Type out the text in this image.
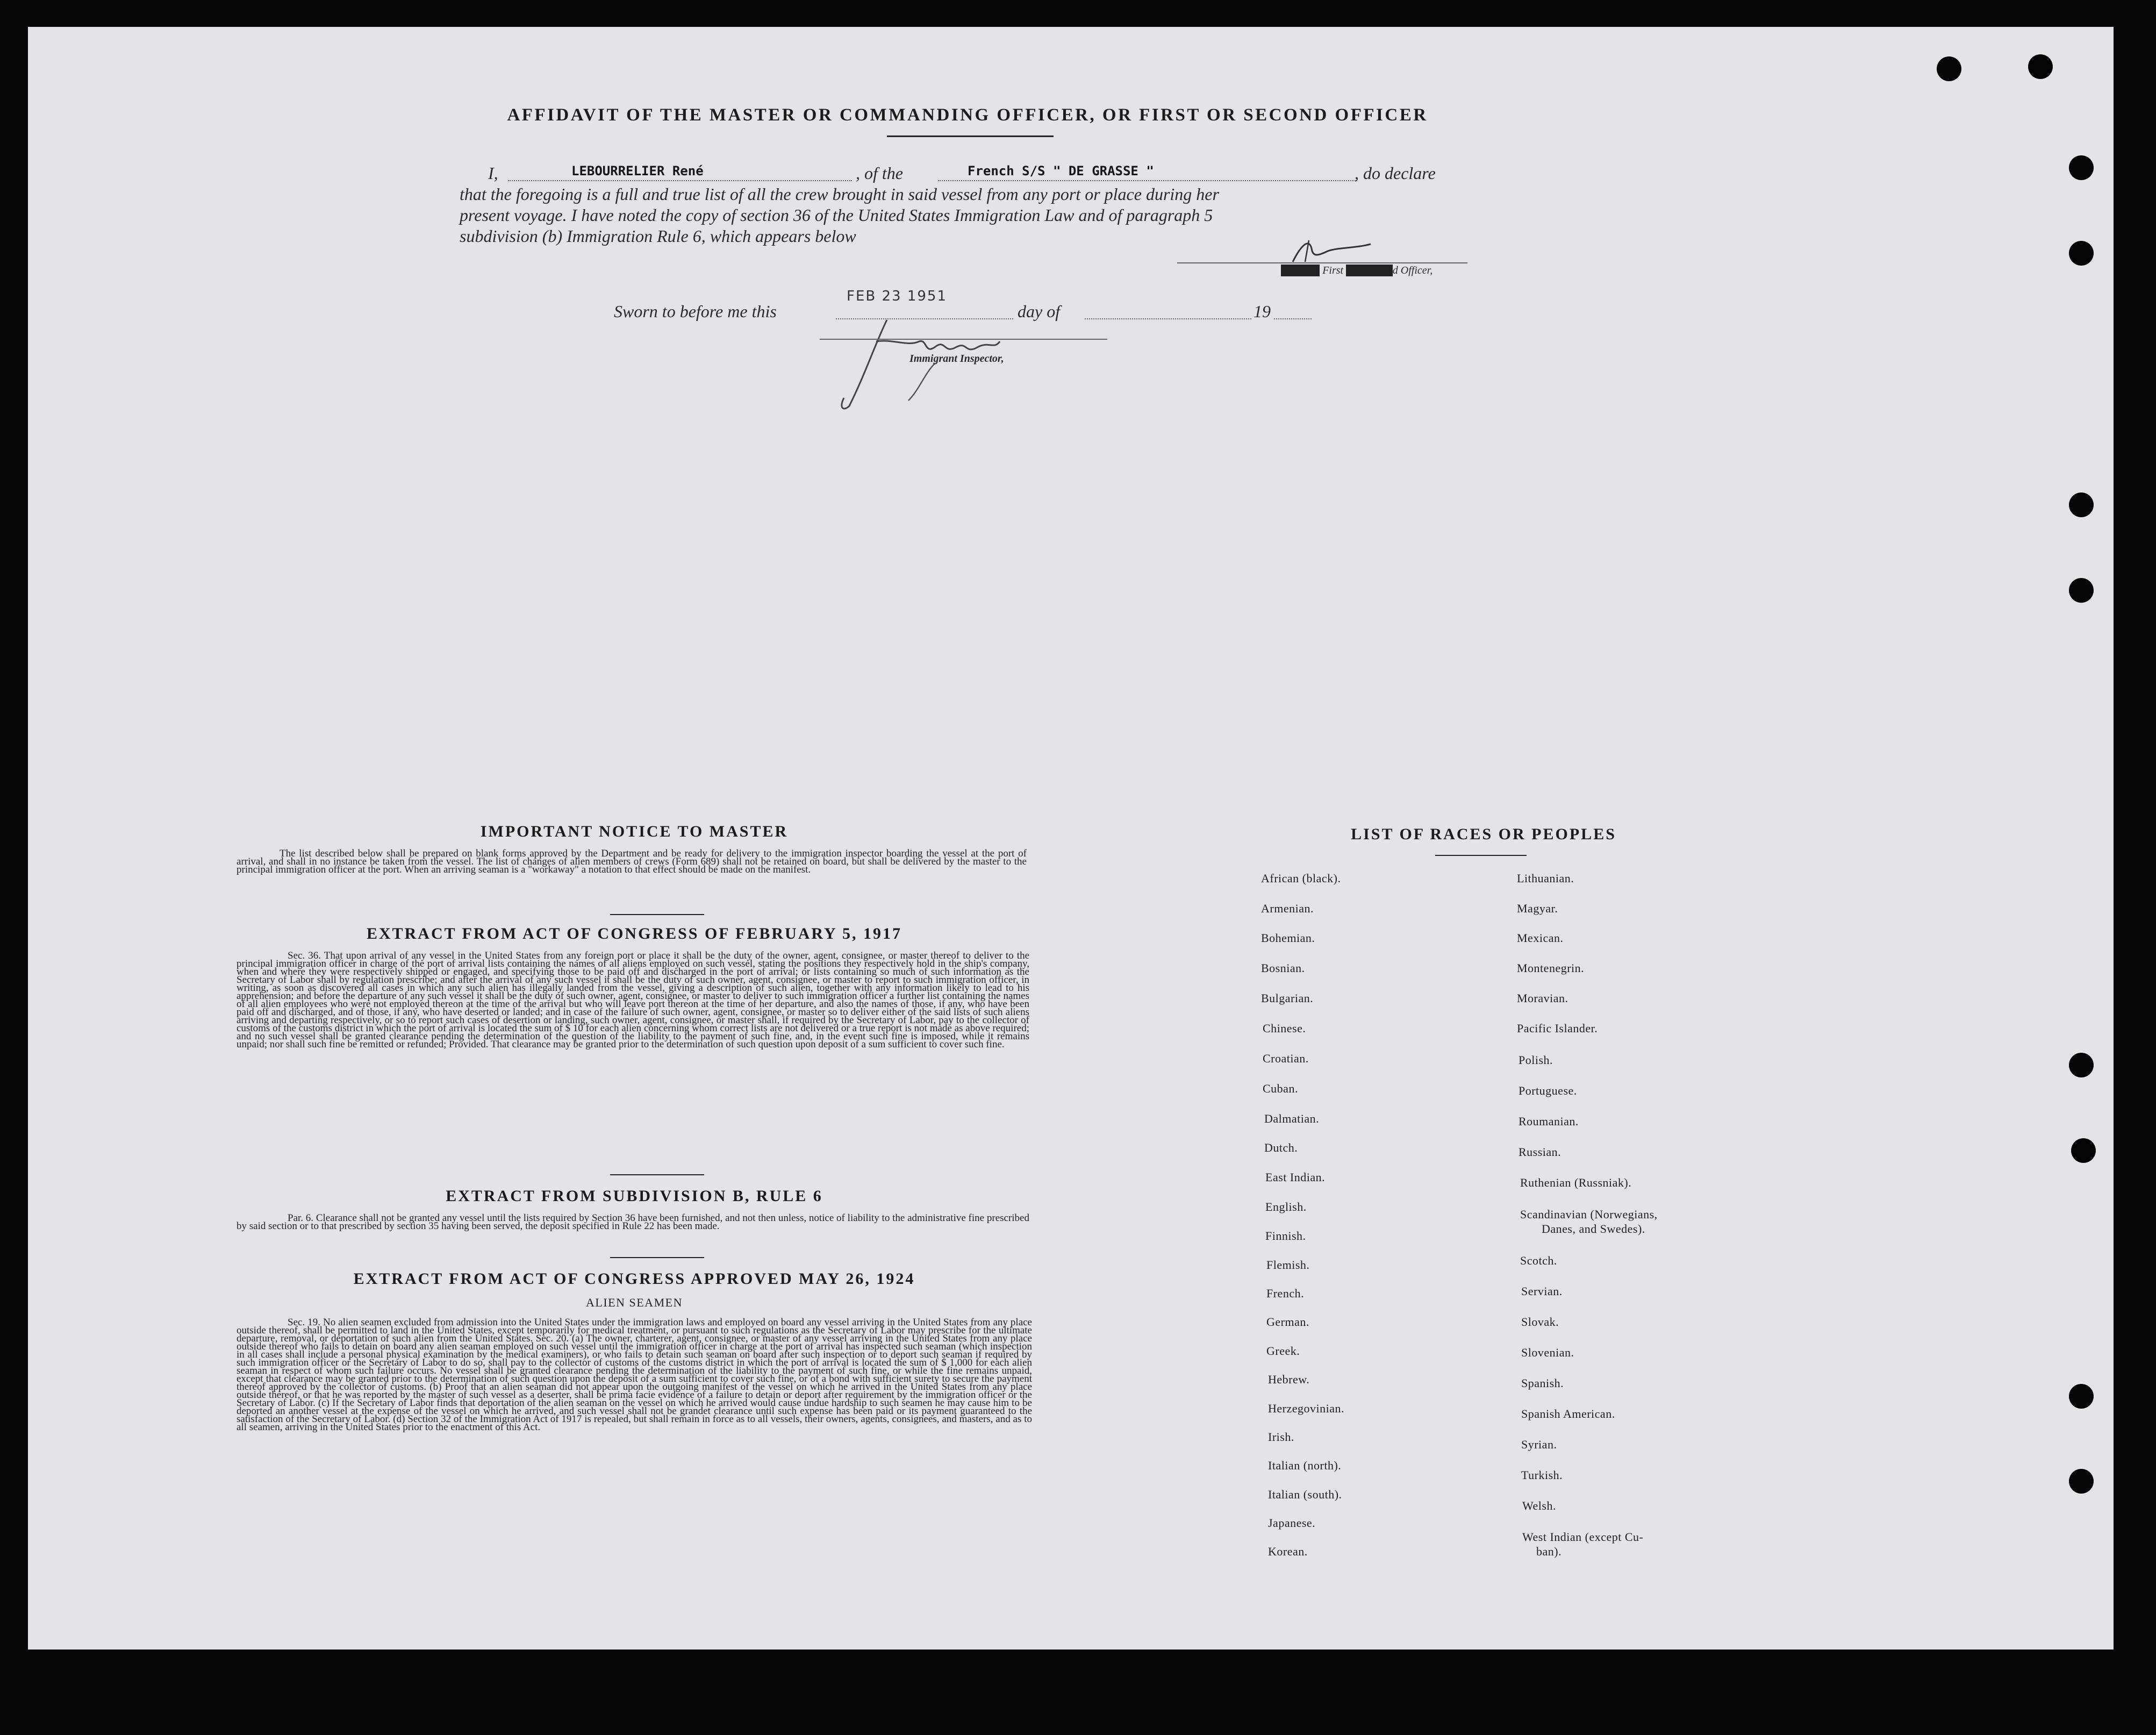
AFFIDAVIT OF THE MASTER OR COMMANDING OFFICER, OR FIRST OR SECOND OFFICER
I,	LEBOURRELIER René	, of the	French S/S " DE GRASSE "	, do declare
that the foregoing is a full and true list of all the crew brought in said vessel from any port or place during her
present voyage. I have noted the copy of section 36 of the United States Immigration Law and of paragraph 5
subdivision (b) Immigration Rule 6, which appears below
XXXXX First XXXXXXd Officer,
Sworn to before me this
FEB 23 1951
day of	19
Immigrant Inspector,
IMPORTANT NOTICE TO MASTER
The list described below shall be prepared on blank forms approved by the Department and be ready for delivery to the immigration inspector boarding the vessel at the port of arrival, and shall in no instance be taken from the vessel. The list of changes of alien members of crews (Form 689) shall not be retained on board, but shall be delivered by the master to the principal immigration officer at the port. When an arriving seaman is a "workaway" a notation to that effect should be made on the manifest.
EXTRACT FROM ACT OF CONGRESS OF FEBRUARY 5, 1917
Sec. 36. That upon arrival of any vessel in the United States from any foreign port or place it shall be the duty of the owner, agent, consignee, or master thereof to deliver to the principal immigration officer in charge of the port of arrival lists containing the names of all aliens employed on such vessel, stating the positions they respectively hold in the ship's company, when and where they were respectively shipped or engaged, and specifying those to be paid off and discharged in the port of arrival; or lists containing so much of such information as the Secretary of Labor shall by regulation prescribe; and after the arrival of any such vessel it shall be the duty of such owner, agent, consignee, or master to report to such immigration officer, in writing, as soon as discovered all cases in which any such alien has illegally landed from the vessel, giving a description of such alien, together with any information likely to lead to his apprehension; and before the departure of any such vessel it shall be the duty of such owner, agent, consignee, or master to deliver to such immigration officer a further list containing the names of all alien employees who were not employed thereon at the time of the arrival but who will leave port thereon at the time of her departure, and also the names of those, if any, who have been paid off and discharged, and of those, if any, who have deserted or landed; and in case of the failure of such owner, agent, consignee, or master so to deliver either of the said lists of such aliens arriving and departing respectively, or so to report such cases of desertion or landing, such owner, agent, consignee, or master shall, if required by the Secretary of Labor, pay to the collector of customs of the customs district in which the port of arrival is located the sum of $ 10 for each alien concerning whom correct lists are not delivered or a true report is not made as above required; and no such vessel shall be granted clearance pending the determination of the question of the liability to the payment of such fine, and, in the event such fine is imposed, while it remains unpaid; nor shall such fine be remitted or refunded; Provided. That clearance may be granted prior to the determination of such question upon deposit of a sum sufficient to cover such fine.
EXTRACT FROM SUBDIVISION B, RULE 6
Par. 6. Clearance shall not be granted any vessel until the lists required by Section 36 have been furnished, and not then unless, notice of liability to the administrative fine prescribed by said section or to that prescribed by section 35 having been served, the deposit specified in Rule 22 has been made.
EXTRACT FROM ACT OF CONGRESS APPROVED MAY 26, 1924
ALIEN SEAMEN
Sec. 19. No alien seamen excluded from admission into the United States under the immigration laws and employed on board any vessel arriving in the United States from any place outside thereof, shall be permitted to land in the United States, except temporarily for medical treatment, or pursuant to such regulations as the Secretary of Labor may prescribe for the ultimate departure, removal, or deportation of such alien from the United States. Sec. 20. (a) The owner, charterer, agent, consignee, or master of any vessel arriving in the United States from any place outside thereof who fails to detain on board any alien seaman employed on such vessel until the immigration officer in charge at the port of arrival has inspected such seaman (which inspection in all cases shall include a personal physical examination by the medical examiners), or who fails to detain such seaman on board after such inspection or to deport such seaman if required by such immigration officer or the Secretary of Labor to do so, shall pay to the collector of customs of the customs district in which the port of arrival is located the sum of $ 1,000 for each alien seaman in respect of whom such failure occurs. No vessel shall be granted clearance pending the determination of the liability to the payment of such fine, or while the fine remains unpaid, except that clearance may be granted prior to the determination of such question upon the deposit of a sum sufficient to cover such fine, or of a bond with sufficient surety to secure the payment thereof approved by the collector of customs. (b) Proof that an alien seaman did not appear upon the outgoing manifest of the vessel on which he arrived in the United States from any place outside thereof, or that he was reported by the master of such vessel as a deserter, shall be prima facie evidence of a failure to detain or deport after requirement by the immigration officer or the Secretary of Labor. (c) If the Secretary of Labor finds that deportation of the alien seaman on the vessel on which he arrived would cause undue hardship to such seamen he may cause him to be deported an another vessel at the expense of the vessel on which he arrived, and such vessel shall not be grandet clearance until such expense has been paid or its payment guaranteed to the satisfaction of the Secretary of Labor. (d) Section 32 of the Immigration Act of 1917 is repealed, but shall remain in force as to all vessels, their owners, agents, consignees, and masters, and as to all seamen, arriving in the United States prior to the enactment of this Act.
LIST OF RACES OR PEOPLES
African (black).
Armenian.
Bohemian.
Bosnian.
Bulgarian.
Chinese.
Croatian.
Cuban.
Dalmatian.
Dutch.
East Indian.
English.
Finnish.
Flemish.
French.
German.
Greek.
Hebrew.
Herzegovinian.
Irish.
Italian (north).
Italian (south).
Japanese.
Korean.
Lithuanian.
Magyar.
Mexican.
Montenegrin.
Moravian.
Pacific Islander.
Polish.
Portuguese.
Roumanian.
Russian.
Ruthenian (Russniak).
Scandinavian (Norwegians,
Danes, and Swedes).
Scotch.
Servian.
Slovak.
Slovenian.
Spanish.
Spanish American.
Syrian.
Turkish.
Welsh.
West Indian (except Cu-
ban).
